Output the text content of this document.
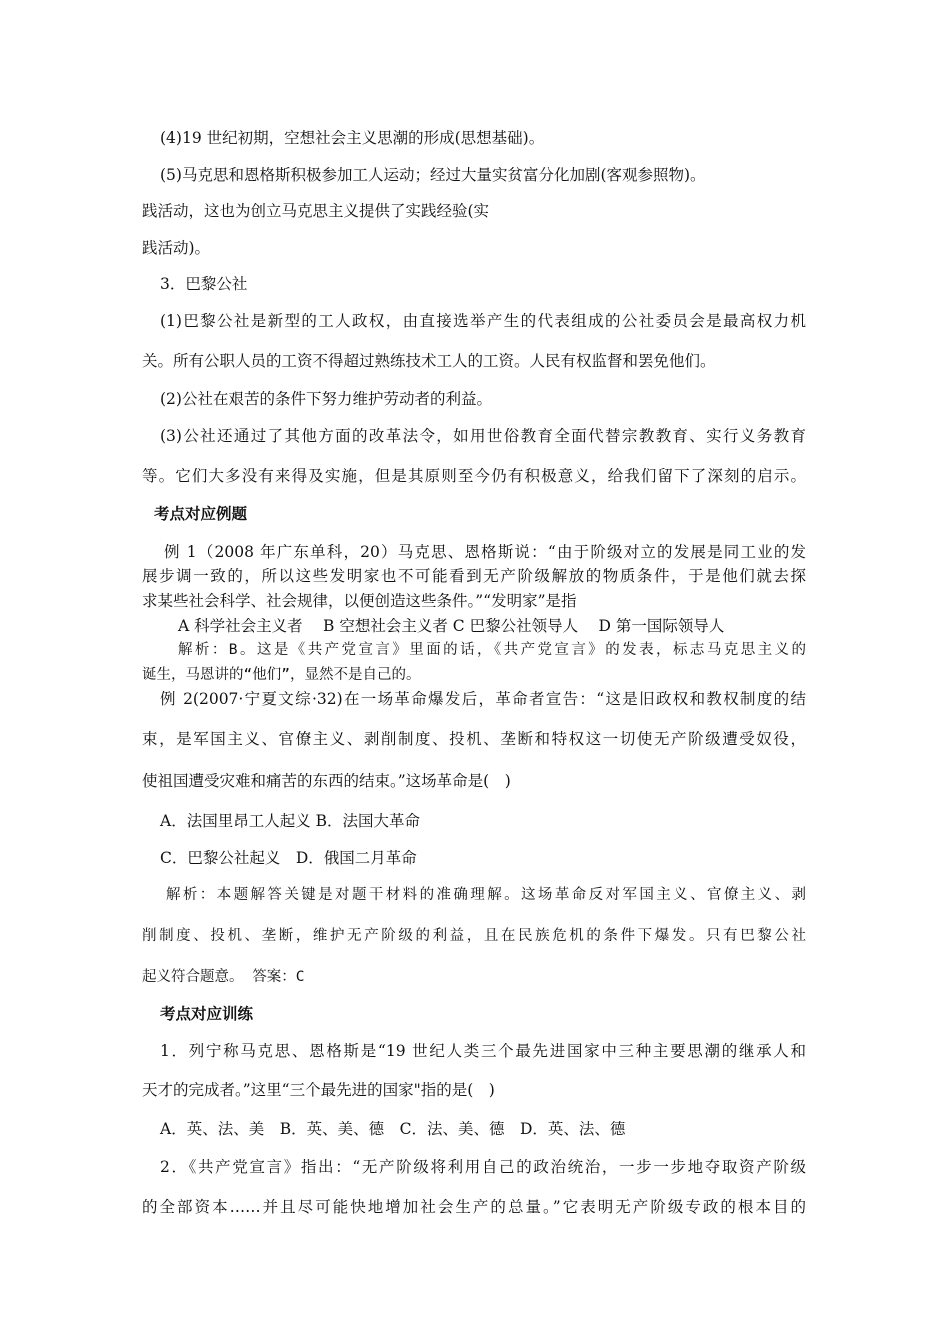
(4)19 世纪初期，空想社会主义思潮的形成(思想基础)。
(5)马克思和恩格斯积极参加工人运动；经过大量实贫富分化加剧(客观参照物)。
践活动，这也为创立马克思主义提供了实践经验(实
践活动)。
3．巴黎公社
(1)巴黎公社是新型的工人政权，由直接选举产生的代表组成的公社委员会是最高权力机
关。所有公职人员的工资不得超过熟练技术工人的工资。人民有权监督和罢免他们。
(2)公社在艰苦的条件下努力维护劳动者的利益。
(3)公社还通过了其他方面的改革法令，如用世俗教育全面代替宗教教育、实行义务教育
等。它们大多没有来得及实施，但是其原则至今仍有积极意义，给我们留下了深刻的启示。
考点对应例题
例 1（2008 年广东单科，20）马克思、恩格斯说：“由于阶级对立的发展是同工业的发
展步调一致的，所以这些发明家也不可能看到无产阶级解放的物质条件，于是他们就去探
求某些社会科学、社会规律，以便创造这些条件。”“发明家”是指
A 科学社会主义者　 B 空想社会主义者 C 巴黎公社领导人　 D 第一国际领导人
解析：B。这是《共产党宣言》里面的话，《共产党宣言》的发表，标志马克思主义的
诞生，马恩讲的“他们”，显然不是自己的。
例 2(2007·宁夏文综·32)在一场革命爆发后，革命者宣告：“这是旧政权和教权制度的结
束，是军国主义、官僚主义、剥削制度、投机、垄断和特权这一切使无产阶级遭受奴役，
使祖国遭受灾难和痛苦的东西的结束。”这场革命是(　)
A．法国里昂工人起义 B．法国大革命
C．巴黎公社起义　D．俄国二月革命
解析：本题解答关键是对题干材料的准确理解。这场革命反对军国主义、官僚主义、剥
削制度、投机、垄断，维护无产阶级的利益，且在民族危机的条件下爆发。只有巴黎公社
起义符合题意。 答案：C
考点对应训练
1．列宁称马克思、恩格斯是“19 世纪人类三个最先进国家中三种主要思潮的继承人和
天才的完成者。”这里“三个最先进的国家"指的是(　)
A．英、法、美　B．英、美、德　C．法、美、德　D．英、法、德
2．《共产党宣言》指出：“无产阶级将利用自己的政治统治，一步一步地夺取资产阶级
的全部资本……并且尽可能快地增加社会生产的总量。”它表明无产阶级专政的根本目的
